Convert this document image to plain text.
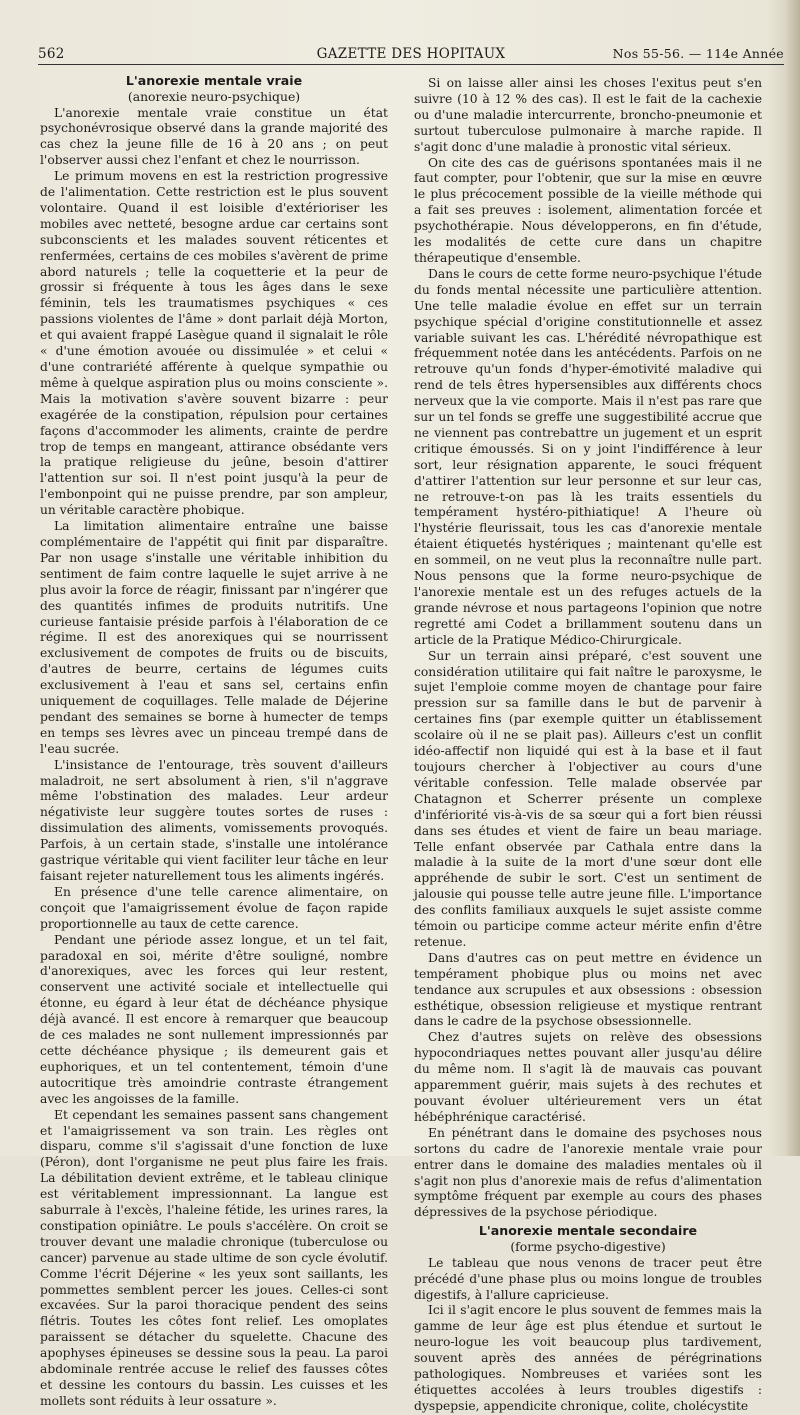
562	GAZETTE DES HOPITAUX	Nos 55-56. — 114e Année
L'anorexie mentale vraie
(anorexie neuro-psychique)

L'anorexie mentale vraie constitue un état psychonévrosique observé dans la grande majorité des cas chez la jeune fille de 16 à 20 ans ; on peut l'observer aussi chez l'enfant et chez le nourrisson.

Le primum movens en est la restriction progressive de l'alimentation. Cette restriction est le plus souvent volontaire. Quand il est loisible d'extérioriser les mobiles avec netteté, besogne ardue car certains sont subconscients et les malades souvent réticentes et renfermées, certains de ces mobiles s'avèrent de prime abord naturels ; telle la coquetterie et la peur de grossir si fréquente à tous les âges dans le sexe féminin, tels les traumatismes psychiques « ces passions violentes de l'âme » dont parlait déjà Morton, et qui avaient frappé Lasègue quand il signalait le rôle « d'une émotion avouée ou dissimulée » et celui « d'une contrariété afférente à quelque sympathie ou même à quelque aspiration plus ou moins consciente ». Mais la motivation s'avère souvent bizarre : peur exagérée de la constipation, répulsion pour certaines façons d'accommoder les aliments, crainte de perdre trop de temps en mangeant, attirance obsédante vers la pratique religieuse du jeûne, besoin d'attirer l'attention sur soi. Il n'est point jusqu'à la peur de l'embonpoint qui ne puisse prendre, par son ampleur, un véritable caractère phobique.

La limitation alimentaire entraîne une baisse complémentaire de l'appétit qui finit par disparaître. Par non usage s'installe une véritable inhibition du sentiment de faim contre laquelle le sujet arrive à ne plus avoir la force de réagir, finissant par n'ingérer que des quantités infimes de produits nutritifs. Une curieuse fantaisie préside parfois à l'élaboration de ce régime. Il est des anorexiques qui se nourrissent exclusivement de compotes de fruits ou de biscuits, d'autres de beurre, certains de légumes cuits exclusivement à l'eau et sans sel, certains enfin uniquement de coquillages. Telle malade de Déjerine pendant des semaines se borne à humecter de temps en temps ses lèvres avec un pinceau trempé dans de l'eau sucrée.

L'insistance de l'entourage, très souvent d'ailleurs maladroit, ne sert absolument à rien, s'il n'aggrave même l'obstination des malades. Leur ardeur négativiste leur suggère toutes sortes de ruses : dissimulation des aliments, vomissements provoqués. Parfois, à un certain stade, s'installe une intolérance gastrique véritable qui vient faciliter leur tâche en leur faisant rejeter naturellement tous les aliments ingérés.

En présence d'une telle carence alimentaire, on conçoit que l'amaigrissement évolue de façon rapide proportionnelle au taux de cette carence.

Pendant une période assez longue, et un tel fait, paradoxal en soi, mérite d'être souligné, nombre d'anorexiques, avec les forces qui leur restent, conservent une activité sociale et intellectuelle qui étonne, eu égard à leur état de déchéance physique déjà avancé. Il est encore à remarquer que beaucoup de ces malades ne sont nullement impressionnés par cette déchéance physique ; ils demeurent gais et euphoriques, et un tel contentement, témoin d'une autocritique très amoindrie contraste étrangement avec les angoisses de la famille.

Et cependant les semaines passent sans changement et l'amaigrissement va son train. Les règles ont disparu, comme s'il s'agissait d'une fonction de luxe (Péron), dont l'organisme ne peut plus faire les frais. La débilitation devient extrême, et le tableau clinique est véritablement impressionnant. La langue est saburrale à l'excès, l'haleine fétide, les urines rares, la constipation opiniâtre. Le pouls s'accélère. On croit se trouver devant une maladie chronique (tuberculose ou cancer) parvenue au stade ultime de son cycle évolutif. Comme l'écrit Déjerine « les yeux sont saillants, les pommettes semblent percer les joues. Celles-ci sont excavées. Sur la paroi thoracique pendent des seins flétris. Toutes les côtes font relief. Les omoplates paraissent se détacher du squelette. Chacune des apophyses épineuses se dessine sous la peau. La paroi abdominale rentrée accuse le relief des fausses côtes et dessine les contours du bassin. Les cuisses et les mollets sont réduits à leur ossature ».

Si on laisse aller ainsi les choses l'exitus peut s'en suivre (10 à 12 % des cas). Il est le fait de la cachexie ou d'une maladie intercurrente, broncho-pneumonie et surtout tuberculose pulmonaire à marche rapide. Il s'agit donc d'une maladie à pronostic vital sérieux.

On cite des cas de guérisons spontanées mais il ne faut compter, pour l'obtenir, que sur la mise en œuvre le plus précocement possible de la vieille méthode qui a fait ses preuves : isolement, alimentation forcée et psychothérapie. Nous développerons, en fin d'étude, les modalités de cette cure dans un chapitre thérapeutique d'ensemble.

Dans le cours de cette forme neuro-psychique l'étude du fonds mental nécessite une particulière attention. Une telle maladie évolue en effet sur un terrain psychique spécial d'origine constitutionnelle et assez variable suivant les cas. L'hérédité névropathique est fréquemment notée dans les antécédents. Parfois on ne retrouve qu'un fonds d'hyper-émotivité maladive qui rend de tels êtres hypersensibles aux différents chocs nerveux que la vie comporte. Mais il n'est pas rare que sur un tel fonds se greffe une suggestibilité accrue que ne viennent pas contrebattre un jugement et un esprit critique émoussés. Si on y joint l'indifférence à leur sort, leur résignation apparente, le souci fréquent d'attirer l'attention sur leur personne et sur leur cas, ne retrouve-t-on pas là les traits essentiels du tempérament hystéro-pithiatique! A l'heure où l'hystérie fleurissait, tous les cas d'anorexie mentale étaient étiquetés hystériques ; maintenant qu'elle est en sommeil, on ne veut plus la reconnaître nulle part. Nous pensons que la forme neuro-psychique de l'anorexie mentale est un des refuges actuels de la grande névrose et nous partageons l'opinion que notre regretté ami Codet a brillamment soutenu dans un article de la Pratique Médico-Chirurgicale.

Sur un terrain ainsi préparé, c'est souvent une considération utilitaire qui fait naître le paroxysme, le sujet l'emploie comme moyen de chantage pour faire pression sur sa famille dans le but de parvenir à certaines fins (par exemple quitter un établissement scolaire où il ne se plait pas). Ailleurs c'est un conflit idéo-affectif non liquidé qui est à la base et il faut toujours chercher à l'objectiver au cours d'une véritable confession. Telle malade observée par Chatagnon et Scherrer présente un complexe d'infériorité vis-à-vis de sa sœur qui a fort bien réussi dans ses études et vient de faire un beau mariage. Telle enfant observée par Cathala entre dans la maladie à la suite de la mort d'une sœur dont elle appréhende de subir le sort. C'est un sentiment de jalousie qui pousse telle autre jeune fille. L'importance des conflits familiaux auxquels le sujet assiste comme témoin ou participe comme acteur mérite enfin d'être retenue.

Dans d'autres cas on peut mettre en évidence un tempérament phobique plus ou moins net avec tendance aux scrupules et aux obsessions : obsession esthétique, obsession religieuse et mystique rentrant dans le cadre de la psychose obsessionnelle.

Chez d'autres sujets on relève des obsessions hypocondriaques nettes pouvant aller jusqu'au délire du même nom. Il s'agit là de mauvais cas pouvant apparemment guérir, mais sujets à des rechutes et pouvant évoluer ultérieurement vers un état hébéphrénique caractérisé.

En pénétrant dans le domaine des psychoses nous sortons du cadre de l'anorexie mentale vraie pour entrer dans le domaine des maladies mentales où il s'agit non plus d'anorexie mais de refus d'alimentation symptôme fréquent par exemple au cours des phases dépressives de la psychose périodique.

L'anorexie mentale secondaire
(forme psycho-digestive)

Le tableau que nous venons de tracer peut être précédé d'une phase plus ou moins longue de troubles digestifs, à l'allure capricieuse.

Ici il s'agit encore le plus souvent de femmes mais la gamme de leur âge est plus étendue et surtout le neuro-logue les voit beaucoup plus tardivement, souvent après des années de pérégrinations pathologiques. Nombreuses et variées sont les étiquettes accolées à leurs troubles digestifs : dyspepsie, appendicite chronique, colite, cholécystite
